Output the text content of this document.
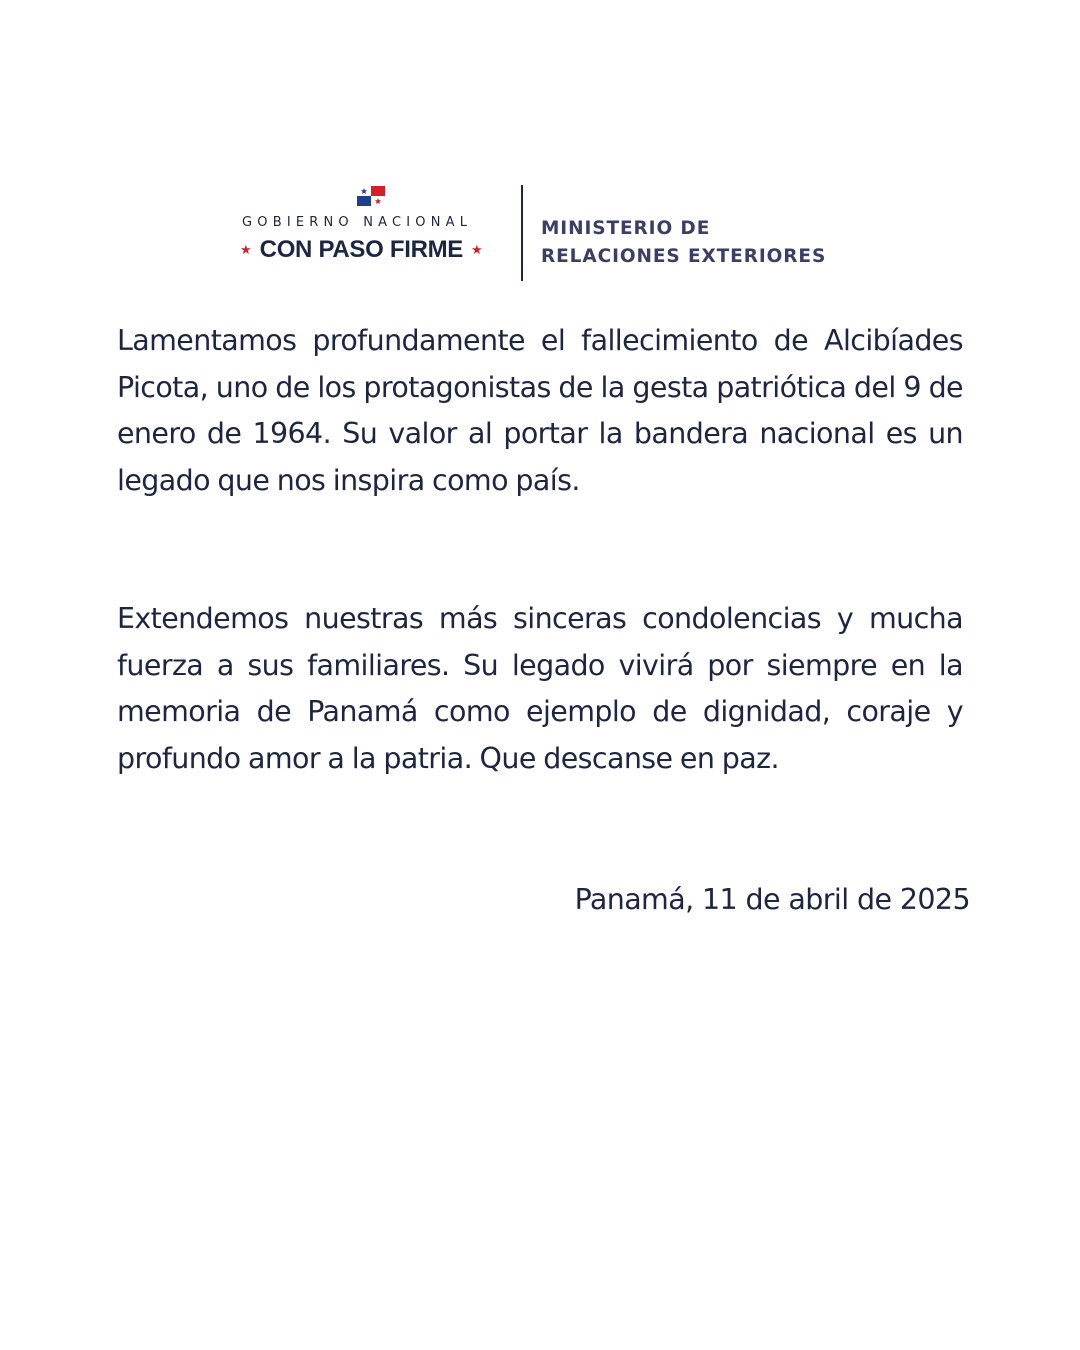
GOBIERNO NACIONAL
★ CON PASO FIRME ★
MINISTERIO DE
RELACIONES EXTERIORES

Lamentamos profundamente el fallecimiento de Alcibíades Picota, uno de los protagonistas de la gesta patriótica del 9 de enero de 1964. Su valor al portar la bandera nacional es un legado que nos inspira como país.

Extendemos nuestras más sinceras condolencias y mucha fuerza a sus familiares. Su legado vivirá por siempre en la memoria de Panamá como ejemplo de dignidad, coraje y profundo amor a la patria. Que descanse en paz.

Panamá, 11 de abril de 2025
